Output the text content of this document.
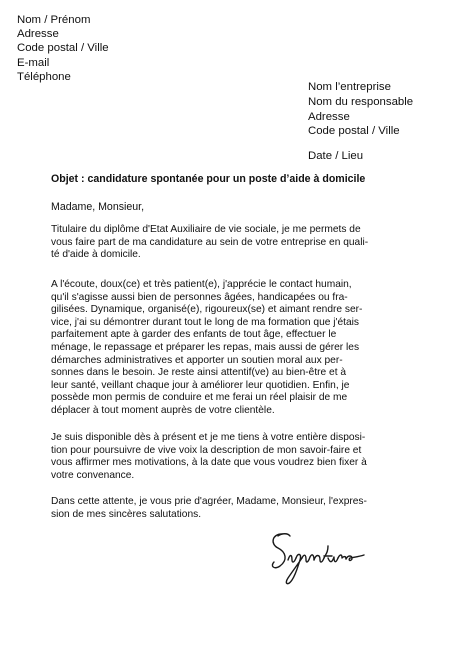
Nom / Prénom
Adresse
Code postal / Ville
E-mail
Téléphone
Nom l’entreprise
Nom du responsable
Adresse
Code postal / Ville
Date / Lieu
Objet : candidature spontanée pour un poste d’aide à domicile
Madame, Monsieur,
Titulaire du diplôme d'Etat Auxiliaire de vie sociale, je me permets de
vous faire part de ma candidature au sein de votre entreprise en quali-
té d'aide à domicile.
A l'écoute, doux(ce) et très patient(e), j'apprécie le contact humain,
qu'il s'agisse aussi bien de personnes âgées, handicapées ou fra-
gilisées. Dynamique, organisé(e), rigoureux(se) et aimant rendre ser-
vice, j'ai su démontrer durant tout le long de ma formation que j'étais
parfaitement apte à garder des enfants de tout âge, effectuer le
ménage, le repassage et préparer les repas, mais aussi de gérer les
démarches administratives et apporter un soutien moral aux per-
sonnes dans le besoin. Je reste ainsi attentif(ve) au bien-être et à
leur santé, veillant chaque jour à améliorer leur quotidien. Enfin, je
possède mon permis de conduire et me ferai un réel plaisir de me
déplacer à tout moment auprès de votre clientèle.
Je suis disponible dès à présent et je me tiens à votre entière disposi-
tion pour poursuivre de vive voix la description de mon savoir-faire et
vous affirmer mes motivations, à la date que vous voudrez bien fixer à
votre convenance.
Dans cette attente, je vous prie d'agréer, Madame, Monsieur, l'expres-
sion de mes sincères salutations.
